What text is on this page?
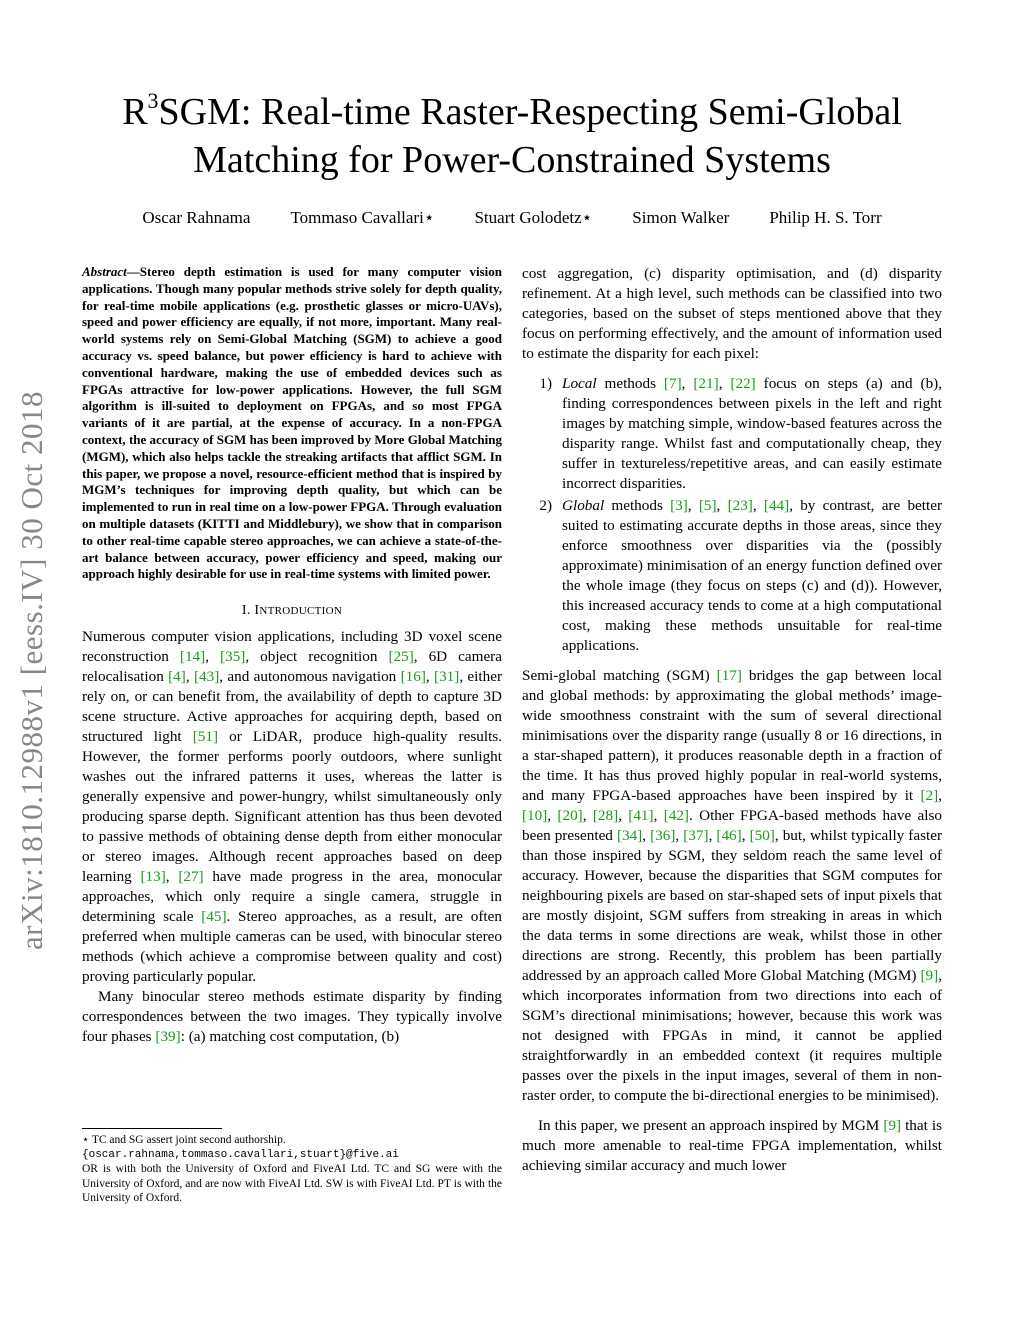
$R^3SGM$: Real-time Raster-Respecting Semi-Global
Matching for Power-Constrained Systems
Oscar Rahnama Tommaso Cavallari⋆ Stuart Golodetz⋆ Simon Walker Philip H. S. Torr
arXiv:1810.12988v1 [eess.IV] 30 Oct 2018

Abstract—Stereo depth estimation is used for many computer vision applications. Though many popular methods strive solely for depth quality, for real-time mobile applications (e.g. prosthetic glasses or micro-UAVs), speed and power efficiency are equally, if not more, important. Many real-world systems rely on Semi-Global Matching (SGM) to achieve a good accuracy vs. speed balance, but power efficiency is hard to achieve with conventional hardware, making the use of embedded devices such as FPGAs attractive for low-power applications. However, the full SGM algorithm is ill-suited to deployment on FPGAs, and so most FPGA variants of it are partial, at the expense of accuracy. In a non-FPGA context, the accuracy of SGM has been improved by More Global Matching (MGM), which also helps tackle the streaking artifacts that afflict SGM. In this paper, we propose a novel, resource-efficient method that is inspired by MGM’s techniques for improving depth quality, but which can be implemented to run in real time on a low-power FPGA. Through evaluation on multiple datasets (KITTI and Middlebury), we show that in comparison to other real-time capable stereo approaches, we can achieve a state-of-the-art balance between accuracy, power efficiency and speed, making our approach highly desirable for use in real-time systems with limited power.

I. INTRODUCTION

Numerous computer vision applications, including 3D voxel scene reconstruction [14], [35], object recognition [25], 6D camera relocalisation [4], [43], and autonomous navigation [16], [31], either rely on, or can benefit from, the availability of depth to capture 3D scene structure. Active approaches for acquiring depth, based on structured light [51] or LiDAR, produce high-quality results. However, the former performs poorly outdoors, where sunlight washes out the infrared patterns it uses, whereas the latter is generally expensive and power-hungry, whilst simultaneously only producing sparse depth. Significant attention has thus been devoted to passive methods of obtaining dense depth from either monocular or stereo images. Although recent approaches based on deep learning [13], [27] have made progress in the area, monocular approaches, which only require a single camera, struggle in determining scale [45]. Stereo approaches, as a result, are often preferred when multiple cameras can be used, with binocular stereo methods (which achieve a compromise between quality and cost) proving particularly popular.

Many binocular stereo methods estimate disparity by finding correspondences between the two images. They typically involve four phases [39]: (a) matching cost computation, (b)

⋆ TC and SG assert joint second authorship.
{oscar.rahnama,tommaso.cavallari,stuart}@five.ai
OR is with both the University of Oxford and FiveAI Ltd. TC and SG were with the University of Oxford, and are now with FiveAI Ltd. SW is with FiveAI Ltd. PT is with the University of Oxford.

cost aggregation, (c) disparity optimisation, and (d) disparity refinement. At a high level, such methods can be classified into two categories, based on the subset of steps mentioned above that they focus on performing effectively, and the amount of information used to estimate the disparity for each pixel:

1) Local methods [7], [21], [22] focus on steps (a) and (b), finding correspondences between pixels in the left and right images by matching simple, window-based features across the disparity range. Whilst fast and computationally cheap, they suffer in textureless/repetitive areas, and can easily estimate incorrect disparities.
2) Global methods [3], [5], [23], [44], by contrast, are better suited to estimating accurate depths in those areas, since they enforce smoothness over disparities via the (possibly approximate) minimisation of an energy function defined over the whole image (they focus on steps (c) and (d)). However, this increased accuracy tends to come at a high computational cost, making these methods unsuitable for real-time applications.

Semi-global matching (SGM) [17] bridges the gap between local and global methods: by approximating the global methods’ image-wide smoothness constraint with the sum of several directional minimisations over the disparity range (usually 8 or 16 directions, in a star-shaped pattern), it produces reasonable depth in a fraction of the time. It has thus proved highly popular in real-world systems, and many FPGA-based approaches have been inspired by it [2], [10], [20], [28], [41], [42]. Other FPGA-based methods have also been presented [34], [36], [37], [46], [50], but, whilst typically faster than those inspired by SGM, they seldom reach the same level of accuracy. However, because the disparities that SGM computes for neighbouring pixels are based on star-shaped sets of input pixels that are mostly disjoint, SGM suffers from streaking in areas in which the data terms in some directions are weak, whilst those in other directions are strong. Recently, this problem has been partially addressed by an approach called More Global Matching (MGM) [9], which incorporates information from two directions into each of SGM’s directional minimisations; however, because this work was not designed with FPGAs in mind, it cannot be applied straightforwardly in an embedded context (it requires multiple passes over the pixels in the input images, several of them in non-raster order, to compute the bi-directional energies to be minimised).

In this paper, we present an approach inspired by MGM [9] that is much more amenable to real-time FPGA implementation, whilst achieving similar accuracy and much lower
